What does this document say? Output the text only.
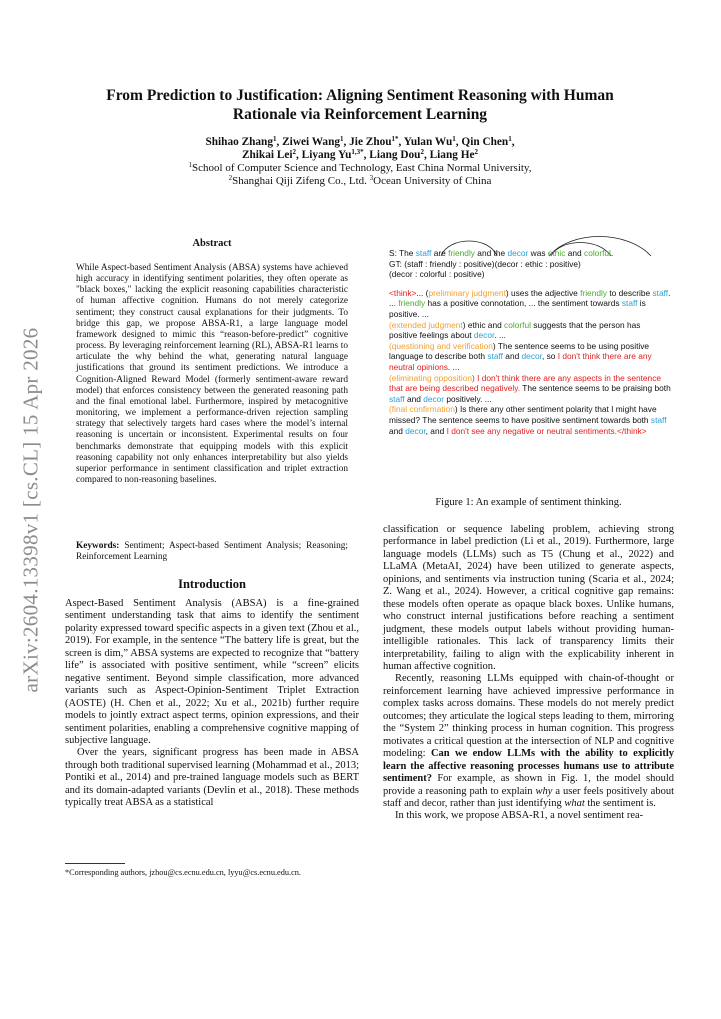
arXiv:2604.13398v1 [cs.CL] 15 Apr 2026
From Prediction to Justification: Aligning Sentiment Reasoning with Human
Rationale via Reinforcement Learning
Shihao Zhang$^1$, Ziwei Wang$^1$, Jie Zhou$^{1*}$, Yulan Wu$^1$, Qin Chen$^1$,
Zhikai Lei$^2$, Liyang $Yu^{1,3*}$, Liang Dou$^2$, Liang He$^2$
$^1$School of Computer Science and Technology, East China Normal University,
$^2$Shanghai Qiji Zifeng Co., Ltd. $^3$Ocean University of China
Abstract
While Aspect-based Sentiment Analysis (ABSA) systems have achieved high accuracy in identifying sentiment polarities, they often operate as "black boxes," lacking the explicit reasoning capabilities characteristic of human affective cognition. Humans do not merely categorize sentiment; they construct causal explanations for their judgments. To bridge this gap, we propose ABSA-R1, a large language model framework designed to mimic this “reason-before-predict” cognitive process. By leveraging reinforcement learning (RL), ABSA-R1 learns to articulate the why behind the what, generating natural language justifications that ground its sentiment predictions. We introduce a Cognition-Aligned Reward Model (formerly sentiment-aware reward model) that enforces consistency between the generated reasoning path and the final emotional label. Furthermore, inspired by metacognitive monitoring, we implement a performance-driven rejection sampling strategy that selectively targets hard cases where the model’s internal reasoning is uncertain or inconsistent. Experimental results on four benchmarks demonstrate that equipping models with this explicit reasoning capability not only enhances interpretability but also yields superior performance in sentiment classification and triplet extraction compared to non-reasoning baselines.
Keywords: Sentiment; Aspect-based Sentiment Analysis; Reasoning; Reinforcement Learning
Introduction

Aspect-Based Sentiment Analysis (ABSA) is a fine-grained sentiment understanding task that aims to identify the sentiment polarity expressed toward specific aspects in a given text (Zhou et al., 2019). For example, in the sentence “The battery life is great, but the screen is dim,” ABSA systems are expected to recognize that “battery life” is associated with positive sentiment, while “screen” elicits negative sentiment. Beyond simple classification, more advanced variants such as Aspect-Opinion-Sentiment Triplet Extraction (AOSTE) (H. Chen et al., 2022; Xu et al., 2021b) further require models to jointly extract aspect terms, opinion expressions, and their sentiment polarities, enabling a comprehensive cognitive mapping of subjective language.

Over the years, significant progress has been made in ABSA through both traditional supervised learning (Mohammad et al., 2013; Pontiki et al., 2014) and pre-trained language models such as BERT and its domain-adapted variants (Devlin et al., 2018). These methods typically treat ABSA as a statistical

*Corresponding authors, jzhou@cs.ecnu.edu.cn, lyyu@cs.ecnu.edu.cn.
S: The staff are friendly and the decor was ethic and colorful.
GT: (staff : friendly : positive)(decor : ethic : positive)
(decor : colorful : positive)
<think>... (preliminary judgment) uses the adjective friendly to describe staff. ... friendly has a positive connotation, ... the sentiment towards staff is positive. ...
(extended judgment) ethic and colorful suggests that the person has positive feelings about decor. ...
(questioning and verification) The sentence seems to be using positive language to describe both staff and decor, so I don't think there are any neutral opinions. ...
(eliminating opposition) I don't think there are any aspects in the sentence that are being described negatively. The sentence seems to be praising both staff and decor positively. ...
(final confirmation) Is there any other sentiment polarity that I might have missed? The sentence seems to have positive sentiment towards both staff and decor, and I don't see any negative or neutral sentiments.</think>
Figure 1: An example of sentiment thinking.

classification or sequence labeling problem, achieving strong performance in label prediction (Li et al., 2019). Furthermore, large language models (LLMs) such as T5 (Chung et al., 2022) and LLaMA (MetaAI, 2024) have been utilized to generate aspects, opinions, and sentiments via instruction tuning (Scaria et al., 2024; Z. Wang et al., 2024). However, a critical cognitive gap remains: these models often operate as opaque black boxes. Unlike humans, who construct internal justifications before reaching a sentiment judgment, these models output labels without providing human-intelligible rationales. This lack of transparency limits their interpretability, failing to align with the explicability inherent in human affective cognition.

Recently, reasoning LLMs equipped with chain-of-thought or reinforcement learning have achieved impressive performance in complex tasks across domains. These models do not merely predict outcomes; they articulate the logical steps leading to them, mirroring the “System 2” thinking process in human cognition. This progress motivates a critical question at the intersection of NLP and cognitive modeling: Can we endow LLMs with the ability to explicitly learn the affective reasoning processes humans use to attribute sentiment? For example, as shown in Fig. 1, the model should provide a reasoning path to explain why a user feels positively about staff and decor, rather than just identifying what the sentiment is.

In this work, we propose ABSA-R1, a novel sentiment rea-
